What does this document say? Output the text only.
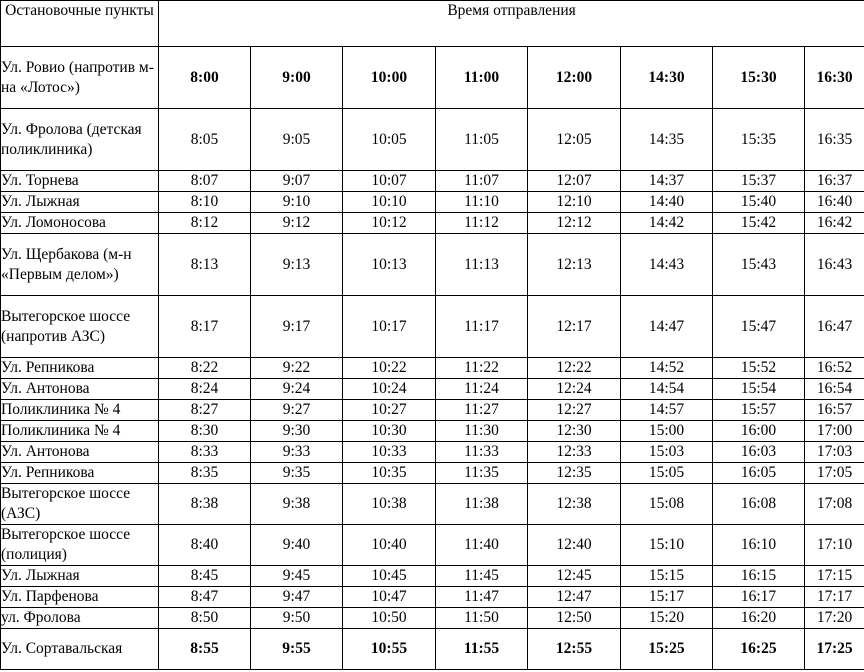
Остановочные пункты	Время отправления							
Ул. Ровио (напротив м-на «Лотос»)	8:00	9:00	10:00	11:00	12:00	14:30	15:30	16:30
Ул. Фролова (детская поликлиника)	8:05	9:05	10:05	11:05	12:05	14:35	15:35	16:35
Ул. Торнева	8:07	9:07	10:07	11:07	12:07	14:37	15:37	16:37
Ул. Лыжная	8:10	9:10	10:10	11:10	12:10	14:40	15:40	16:40
Ул. Ломоносова	8:12	9:12	10:12	11:12	12:12	14:42	15:42	16:42
Ул. Щербакова (м-н «Первым делом»)	8:13	9:13	10:13	11:13	12:13	14:43	15:43	16:43
Вытегорское шоссе (напротив АЗС)	8:17	9:17	10:17	11:17	12:17	14:47	15:47	16:47
Ул. Репникова	8:22	9:22	10:22	11:22	12:22	14:52	15:52	16:52
Ул. Антонова	8:24	9:24	10:24	11:24	12:24	14:54	15:54	16:54
Поликлиника № 4	8:27	9:27	10:27	11:27	12:27	14:57	15:57	16:57
Поликлиника № 4	8:30	9:30	10:30	11:30	12:30	15:00	16:00	17:00
Ул. Антонова	8:33	9:33	10:33	11:33	12:33	15:03	16:03	17:03
Ул. Репникова	8:35	9:35	10:35	11:35	12:35	15:05	16:05	17:05
Вытегорское шоссе (АЗС)	8:38	9:38	10:38	11:38	12:38	15:08	16:08	17:08
Вытегорское шоссе (полиция)	8:40	9:40	10:40	11:40	12:40	15:10	16:10	17:10
Ул. Лыжная	8:45	9:45	10:45	11:45	12:45	15:15	16:15	17:15
Ул. Парфенова	8:47	9:47	10:47	11:47	12:47	15:17	16:17	17:17
ул. Фролова	8:50	9:50	10:50	11:50	12:50	15:20	16:20	17:20
Ул. Сортавальская	8:55	9:55	10:55	11:55	12:55	15:25	16:25	17:25
